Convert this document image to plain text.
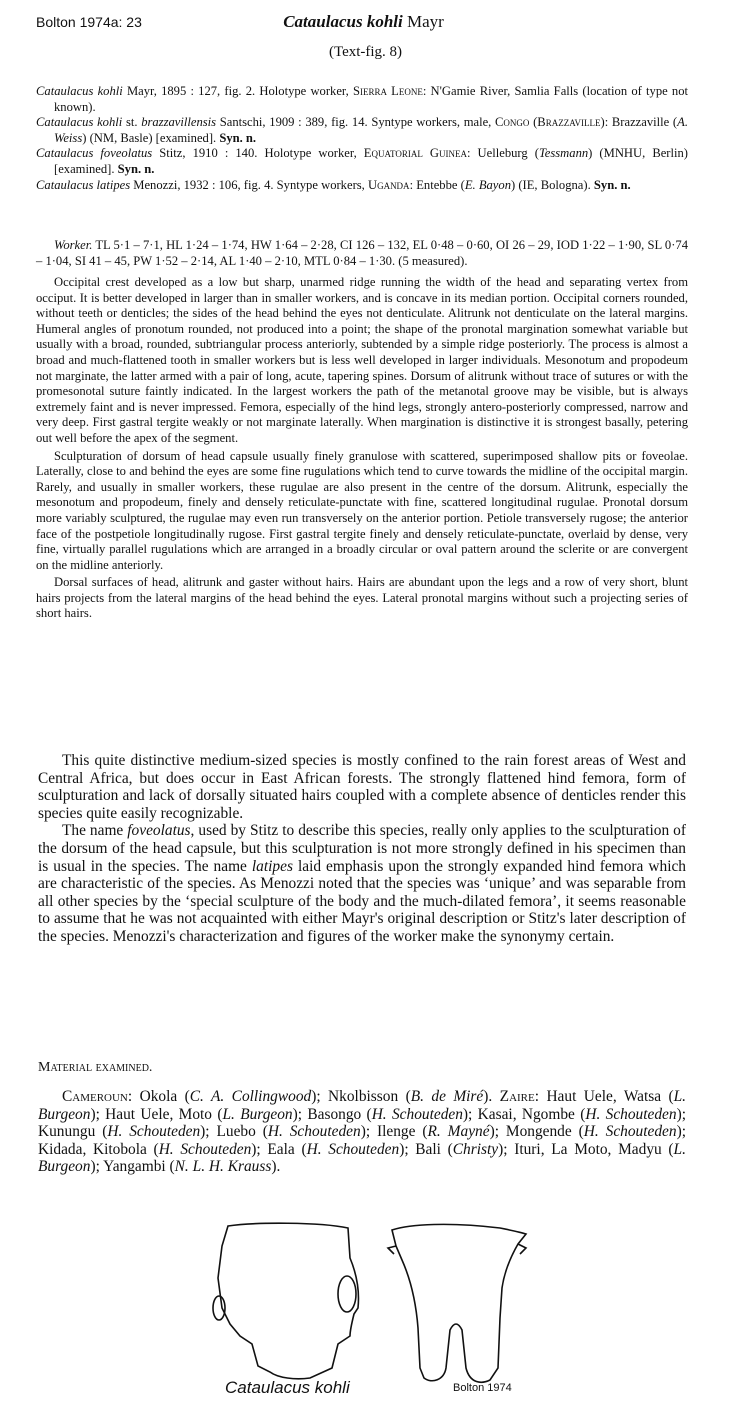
Bolton 1974a: 23	Cataulacus kohli Mayr
(Text-fig. 8)
Cataulacus kohli Mayr, 1895 : 127, fig. 2. Holotype worker, Sierra Leone: N'Gamie River, Samlia Falls (location of type not known).
Cataulacus kohli st. brazzavillensis Santschi, 1909 : 389, fig. 14. Syntype workers, male, Congo (Brazzaville): Brazzaville (A. Weiss) (NM, Basle) [examined]. Syn. n.
Cataulacus foveolatus Stitz, 1910 : 140. Holotype worker, Equatorial Guinea: Uelleburg (Tessmann) (MNHU, Berlin) [examined]. Syn. n.
Cataulacus latipes Menozzi, 1932 : 106, fig. 4. Syntype workers, Uganda: Entebbe (E. Bayon) (IE, Bologna). Syn. n.
Worker. TL 5·1 – 7·1, HL 1·24 – 1·74, HW 1·64 – 2·28, CI 126 – 132, EL 0·48 – 0·60, OI 26 – 29, IOD 1·22 – 1·90, SL 0·74 – 1·04, SI 41 – 45, PW 1·52 – 2·14, AL 1·40 – 2·10, MTL 0·84 – 1·30. (5 measured).

Occipital crest developed as a low but sharp, unarmed ridge running the width of the head and separating vertex from occiput. It is better developed in larger than in smaller workers, and is concave in its median portion. Occipital corners rounded, without teeth or denticles; the sides of the head behind the eyes not denticulate. Alitrunk not denticulate on the lateral margins. Humeral angles of pronotum rounded, not produced into a point; the shape of the pronotal margination somewhat variable but usually with a broad, rounded, subtriangular process anteriorly, subtended by a simple ridge posteriorly. The process is almost a broad and much-flattened tooth in smaller workers but is less well developed in larger individuals. Mesonotum and propodeum not marginate, the latter armed with a pair of long, acute, tapering spines. Dorsum of alitrunk without trace of sutures or with the promesonotal suture faintly indicated. In the largest workers the path of the metanotal groove may be visible, but is always extremely faint and is never impressed. Femora, especially of the hind legs, strongly antero-posteriorly compressed, narrow and very deep. First gastral tergite weakly or not marginate laterally. When margination is distinctive it is strongest basally, petering out well before the apex of the segment.

Sculpturation of dorsum of head capsule usually finely granulose with scattered, superimposed shallow pits or foveolae. Laterally, close to and behind the eyes are some fine rugulations which tend to curve towards the midline of the occipital margin. Rarely, and usually in smaller workers, these rugulae are also present in the centre of the dorsum. Alitrunk, especially the mesonotum and propodeum, finely and densely reticulate-punctate with fine, scattered longitudinal rugulae. Pronotal dorsum more variably sculptured, the rugulae may even run transversely on the anterior portion. Petiole transversely rugose; the anterior face of the postpetiole longitudinally rugose. First gastral tergite finely and densely reticulate-punctate, overlaid by dense, very fine, virtually parallel rugulations which are arranged in a broadly circular or oval pattern around the sclerite or are convergent on the midline anteriorly.

Dorsal surfaces of head, alitrunk and gaster without hairs. Hairs are abundant upon the legs and a row of very short, blunt hairs projects from the lateral margins of the head behind the eyes. Lateral pronotal margins without such a projecting series of short hairs.

This quite distinctive medium-sized species is mostly confined to the rain forest areas of West and Central Africa, but does occur in East African forests. The strongly flattened hind femora, form of sculpturation and lack of dorsally situated hairs coupled with a complete absence of denticles render this species quite easily recognizable.

The name foveolatus, used by Stitz to describe this species, really only applies to the sculpturation of the dorsum of the head capsule, but this sculpturation is not more strongly defined in his specimen than is usual in the species. The name latipes laid emphasis upon the strongly expanded hind femora which are characteristic of the species. As Menozzi noted that the species was ‘unique’ and was separable from all other species by the ‘special sculpture of the body and the much-dilated femora’, it seems reasonable to assume that he was not acquainted with either Mayr's original description or Stitz's later description of the species. Menozzi's characterization and figures of the worker make the synonymy certain.

Material examined.
Cameroun: Okola (C. A. Collingwood); Nkolbisson (B. de Miré). Zaire: Haut Uele, Watsa (L. Burgeon); Haut Uele, Moto (L. Burgeon); Basongo (H. Schouteden); Kasai, Ngombe (H. Schouteden); Kunungu (H. Schouteden); Luebo (H. Schouteden); Ilenge (R. Mayné); Mongende (H. Schouteden); Kidada, Kitobola (H. Schouteden); Eala (H. Schouteden); Bali (Christy); Ituri, La Moto, Madyu (L. Burgeon); Yangambi (N. L. H. Krauss).
Cataulacus kohli	Bolton 1974
